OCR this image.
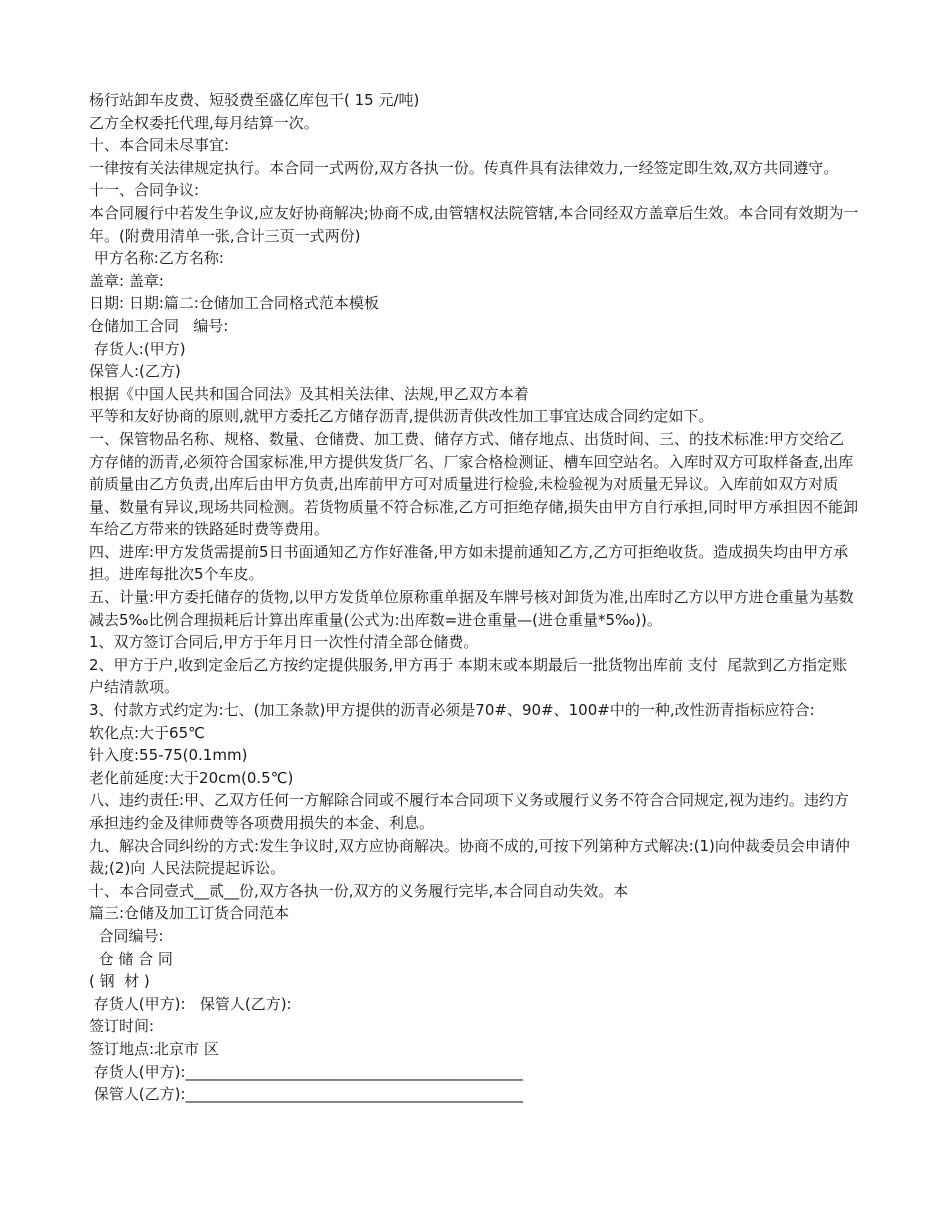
杨行站卸车皮费、短驳费至盛亿库包干( 15 元/吨)

乙方全权委托代理,每月结算一次。

十、本合同未尽事宜:

一律按有关法律规定执行。本合同一式两份,双方各执一份。传真件具有法律效力,一经签定即生效,双方共同遵守。

十一、合同争议:

本合同履行中若发生争议,应友好协商解决;协商不成,由管辖权法院管辖,本合同经双方盖章后生效。本合同有效期为一年。(附费用清单一张,合计三页一式两份)

甲方名称:乙方名称:

盖章: 盖章:

日期: 日期:篇二:仓储加工合同格式范本模板

仓储加工合同   编号:

存货人:(甲方)

保管人:(乙方)

根据《中国人民共和国合同法》及其相关法律、法规,甲乙双方本着

平等和友好协商的原则,就甲方委托乙方储存沥青,提供沥青供改性加工事宜达成合同约定如下。

一、保管物品名称、规格、数量、仓储费、加工费、储存方式、储存地点、出货时间、三、的技术标准:甲方交给乙方存储的沥青,必须符合国家标准,甲方提供发货厂名、厂家合格检测证、槽车回空站名。入库时双方可取样备查,出库前质量由乙方负责,出库后由甲方负责,出库前甲方可对质量进行检验,未检验视为对质量无异议。入库前如双方对质量、数量有异议,现场共同检测。若货物质量不符合标准,乙方可拒绝存储,损失由甲方自行承担,同时甲方承担因不能卸车给乙方带来的铁路延时费等费用。

四、进库:甲方发货需提前5日书面通知乙方作好准备,甲方如未提前通知乙方,乙方可拒绝收货。造成损失均由甲方承担。进库每批次5个车皮。

五、计量:甲方委托储存的货物,以甲方发货单位原称重单据及车牌号核对卸货为准,出库时乙方以甲方进仓重量为基数减去5‰比例合理损耗后计算出库重量(公式为:出库数=进仓重量—(进仓重量*5‰))。

1、双方签订合同后,甲方于年月日一次性付清全部仓储费。

2、甲方于户,收到定金后乙方按约定提供服务,甲方再于 本期末或本期最后一批货物出库前 支付  尾款到乙方指定账户结清款项。

3、付款方式约定为:七、(加工条款)甲方提供的沥青必须是70#、90#、100#中的一种,改性沥青指标应符合:

软化点:大于65℃

针入度:55-75(0.1mm)

老化前延度:大于20cm(0.5℃)

八、违约责任:甲、乙双方任何一方解除合同或不履行本合同项下义务或履行义务不符合合同规定,视为违约。违约方承担违约金及律师费等各项费用损失的本金、利息。

九、解决合同纠纷的方式:发生争议时,双方应协商解决。协商不成的,可按下列第种方式解决:(1)向仲裁委员会申请仲裁;(2)向 人民法院提起诉讼。

十、本合同壹式__贰__份,双方各执一份,双方的义务履行完毕,本合同自动失效。本

篇三:仓储及加工订货合同范本

合同编号:

仓 储 合 同

( 钢  材 )

存货人(甲方):   保管人(乙方):

签订时间:

签订地点:北京市 区

存货人(甲方):_____________________________________________

保管人(乙方):_____________________________________________
